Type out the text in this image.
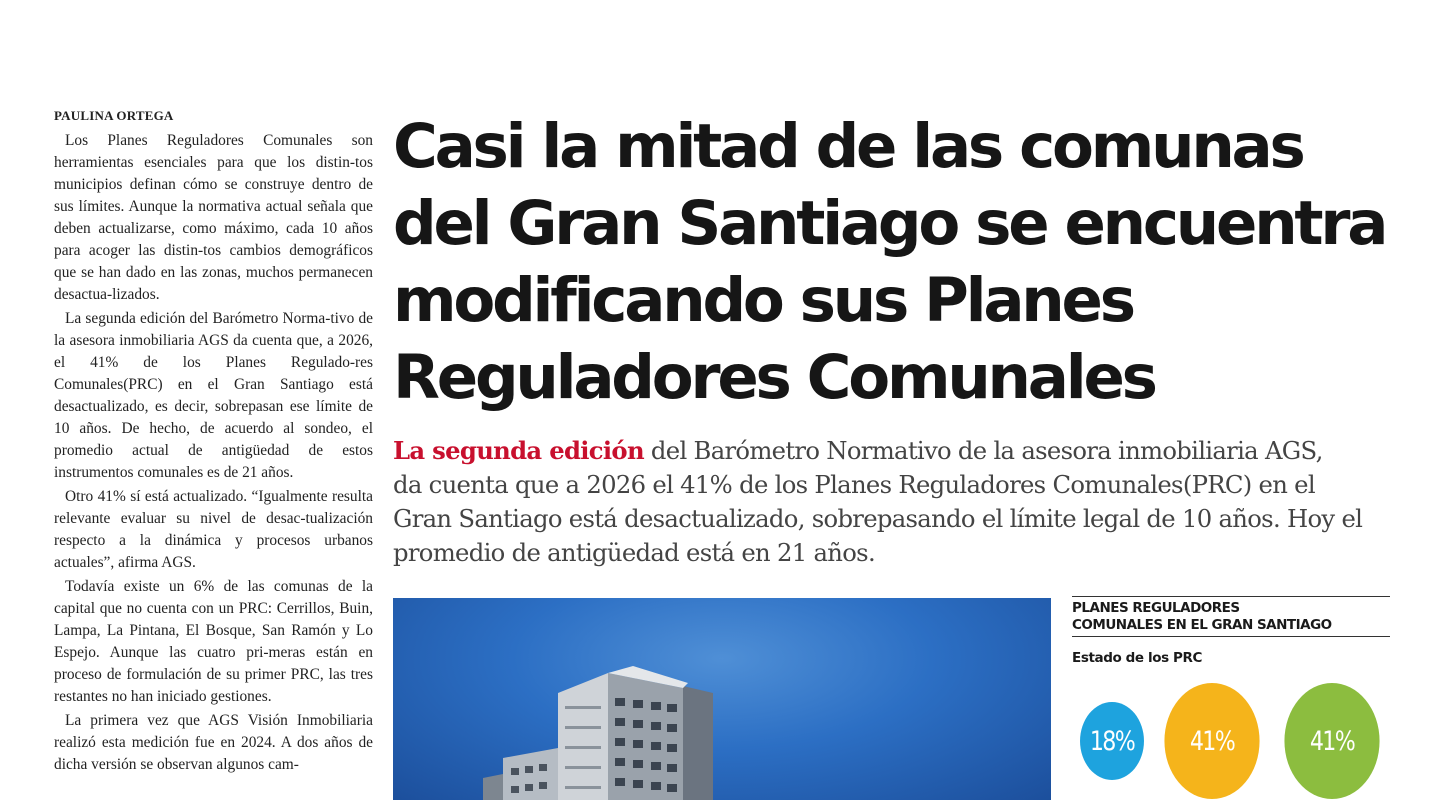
PAULINA ORTEGA

Los Planes Reguladores Comunales son herramientas esenciales para que los distin-tos municipios definan cómo se construye dentro de sus límites. Aunque la normativa actual señala que deben actualizarse, como máximo, cada 10 años para acoger las distin-tos cambios demográficos que se han dado en las zonas, muchos permanecen desactua-lizados.

La segunda edición del Barómetro Norma-tivo de la asesora inmobiliaria AGS da cuenta que, a 2026, el 41% de los Planes Regulado-res Comunales(PRC) en el Gran Santiago está desactualizado, es decir, sobrepasan ese límite de 10 años. De hecho, de acuerdo al sondeo, el promedio actual de antigüedad de estos instrumentos comunales es de 21 años.

Otro 41% sí está actualizado. “Igualmente resulta relevante evaluar su nivel de desac-tualización respecto a la dinámica y procesos urbanos actuales”, afirma AGS.

Todavía existe un 6% de las comunas de la capital que no cuenta con un PRC: Cerrillos, Buin, Lampa, La Pintana, El Bosque, San Ramón y Lo Espejo. Aunque las cuatro pri-meras están en proceso de formulación de su primer PRC, las tres restantes no han iniciado gestiones.

La primera vez que AGS Visión Inmobiliaria realizó esta medición fue en 2024. A dos años de dicha versión se observan algunos cam-

Casi la mitad de las comunas
del Gran Santiago se encuentra
modificando sus Planes
Reguladores Comunales
La segunda edición del Barómetro Normativo de la asesora inmobiliaria AGS,
da cuenta que a 2026 el 41% de los Planes Reguladores Comunales(PRC) en el
Gran Santiago está desactualizado, sobrepasando el límite legal de 10 años. Hoy el
promedio de antigüedad está en 21 años.
PLANES REGULADORES
COMUNALES EN EL GRAN SANTIAGO
Estado de los PRC
18% 41%	41%
